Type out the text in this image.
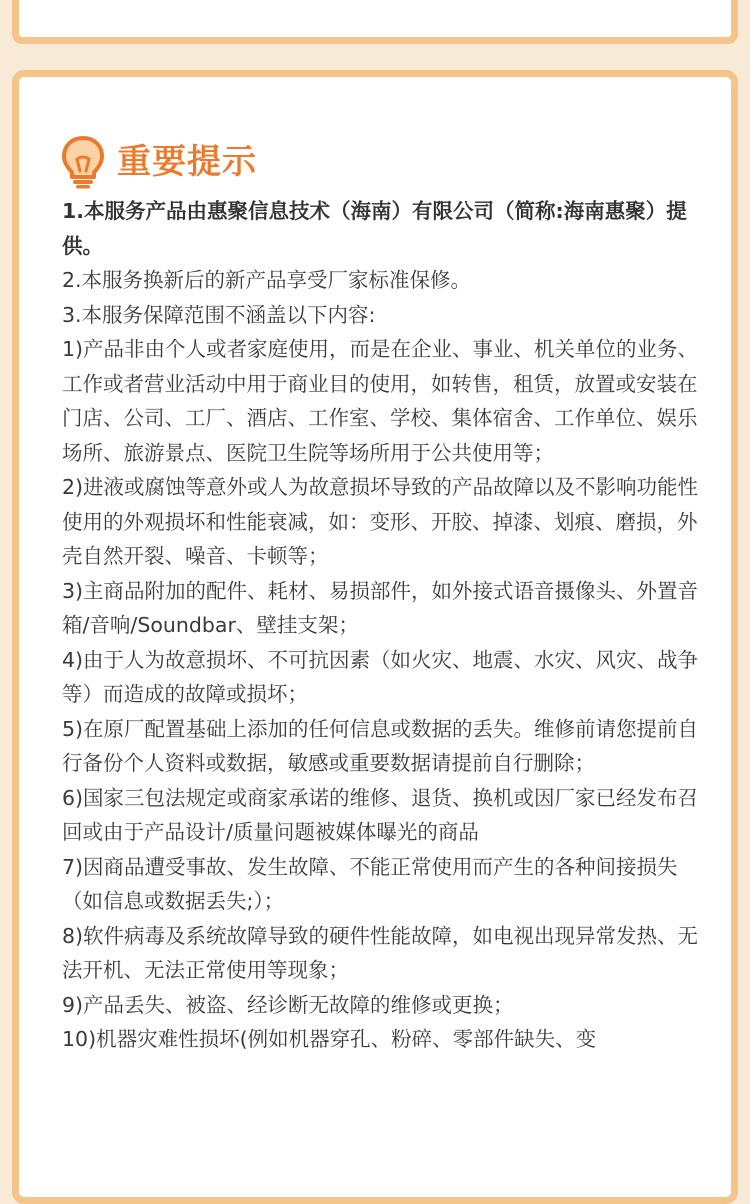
重要提示

1.本服务产品由惠聚信息技术（海南）有限公司（简称:海南惠聚）提供。

2.本服务换新后的新产品享受厂家标准保修。

3.本服务保障范围不涵盖以下内容:

1)产品非由个人或者家庭使用，而是在企业、事业、机关单位的业务、工作或者营业活动中用于商业目的使用，如转售，租赁，放置或安装在门店、公司、工厂、酒店、工作室、学校、集体宿舍、工作单位、娱乐场所、旅游景点、医院卫生院等场所用于公共使用等；

2)进液或腐蚀等意外或人为故意损坏导致的产品故障以及不影响功能性使用的外观损坏和性能衰减，如：变形、开胶、掉漆、划痕、磨损，外壳自然开裂、噪音、卡顿等；

3)主商品附加的配件、耗材、易损部件，如外接式语音摄像头、外置音箱/音响/Soundbar、壁挂支架；

4)由于人为故意损坏、不可抗因素（如火灾、地震、水灾、风灾、战争等）而造成的故障或损坏；

5)在原厂配置基础上添加的任何信息或数据的丢失。维修前请您提前自行备份个人资料或数据，敏感或重要数据请提前自行删除；

6)国家三包法规定或商家承诺的维修、退货、换机或因厂家已经发布召回或由于产品设计/质量问题被媒体曝光的商品

7)因商品遭受事故、发生故障、不能正常使用而产生的各种间接损失（如信息或数据丢失;）；

8)软件病毒及系统故障导致的硬件性能故障，如电视出现异常发热、无法开机、无法正常使用等现象；

9)产品丢失、被盗、经诊断无故障的维修或更换；

10)机器灾难性损坏(例如机器穿孔、粉碎、零部件缺失、变
